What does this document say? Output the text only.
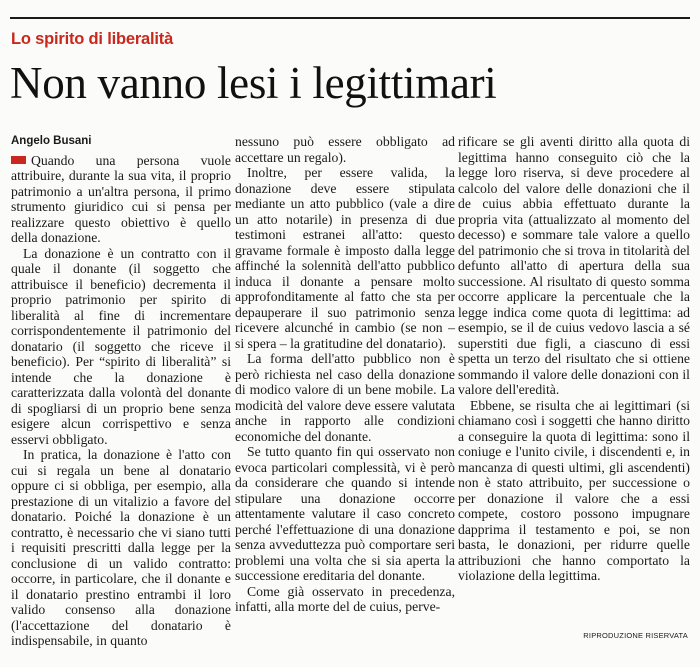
Lo spirito di liberalità
Non vanno lesi i legittimari
Angelo Busani

Quando una persona vuole attribuire, durante la sua vita, il proprio patrimonio a un'altra persona, il primo strumento giuridico cui si pensa per realizzare questo obiettivo è quello della donazione.

La donazione è un contratto con il quale il donante (il soggetto che attribuisce il beneficio) decrementa il proprio patrimonio per spirito di liberalità al fine di incrementare corrispondentemente il patrimonio del donatario (il soggetto che riceve il beneficio). Per “spirito di liberalità” si intende che la donazione è caratterizzata dalla volontà del donante di spogliarsi di un proprio bene senza esigere alcun corrispettivo e senza esservi obbligato.

In pratica, la donazione è l'atto con cui si regala un bene al donatario oppure ci si obbliga, per esempio, alla prestazione di un vitalizio a favore del donatario. Poiché la donazione è un contratto, è necessario che vi siano tutti i requisiti prescritti dalla legge per la conclusione di un valido contratto: occorre, in particolare, che il donante e il donatario prestino entrambi il loro valido consenso alla donazione (l'accettazione del donatario è indispensabile, in quanto

nessuno può essere obbligato ad accettare un regalo).

Inoltre, per essere valida, la donazione deve essere stipulata mediante un atto pubblico (vale a dire un atto notarile) in presenza di due testimoni estranei all'atto: questo gravame formale è imposto dalla legge affinché la solennità dell'atto pubblico induca il donante a pensare molto approfonditamente al fatto che sta per depauperare il suo patrimonio senza ricevere alcunché in cambio (se non – si spera – la gratitudine del donatario).

La forma dell'atto pubblico non è però richiesta nel caso della donazione di modico valore di un bene mobile. La modicità del valore deve essere valutata anche in rapporto alle condizioni economiche del donante.

Se tutto quanto fin qui osservato non evoca particolari complessità, vi è però da considerare che quando si intende stipulare una donazione occorre attentamente valutare il caso concreto perché l'effettuazione di una donazione senza avveduttezza può comportare seri problemi una volta che si sia aperta la successione ereditaria del donante.

Come già osservato in precedenza, infatti, alla morte del de cuius, perve-

rificare se gli aventi diritto alla quota di legittima hanno conseguito ciò che la legge loro riserva, si deve procedere al calcolo del valore delle donazioni che il de cuius abbia effettuato durante la propria vita (attualizzato al momento del decesso) e sommare tale valore a quello del patrimonio che si trova in titolarità del defunto all'atto di apertura della sua successione. Al risultato di questo somma occorre applicare la percentuale che la legge indica come quota di legittima: ad esempio, se il de cuius vedovo lascia a sé superstiti due figli, a ciascuno di essi spetta un terzo del risultato che si ottiene sommando il valore delle donazioni con il valore dell'eredità.

Ebbene, se risulta che ai legittimari (si chiamano così i soggetti che hanno diritto a conseguire la quota di legittima: sono il coniuge e l'unito civile, i discendenti e, in mancanza di questi ultimi, gli ascendenti) non è stato attribuito, per successione o per donazione il valore che a essi compete, costoro possono impugnare dapprima il testamento e poi, se non basta, le donazioni, per ridurre quelle attribuzioni che hanno comportato la violazione della legittima.

RIPRODUZIONE RISERVATA
